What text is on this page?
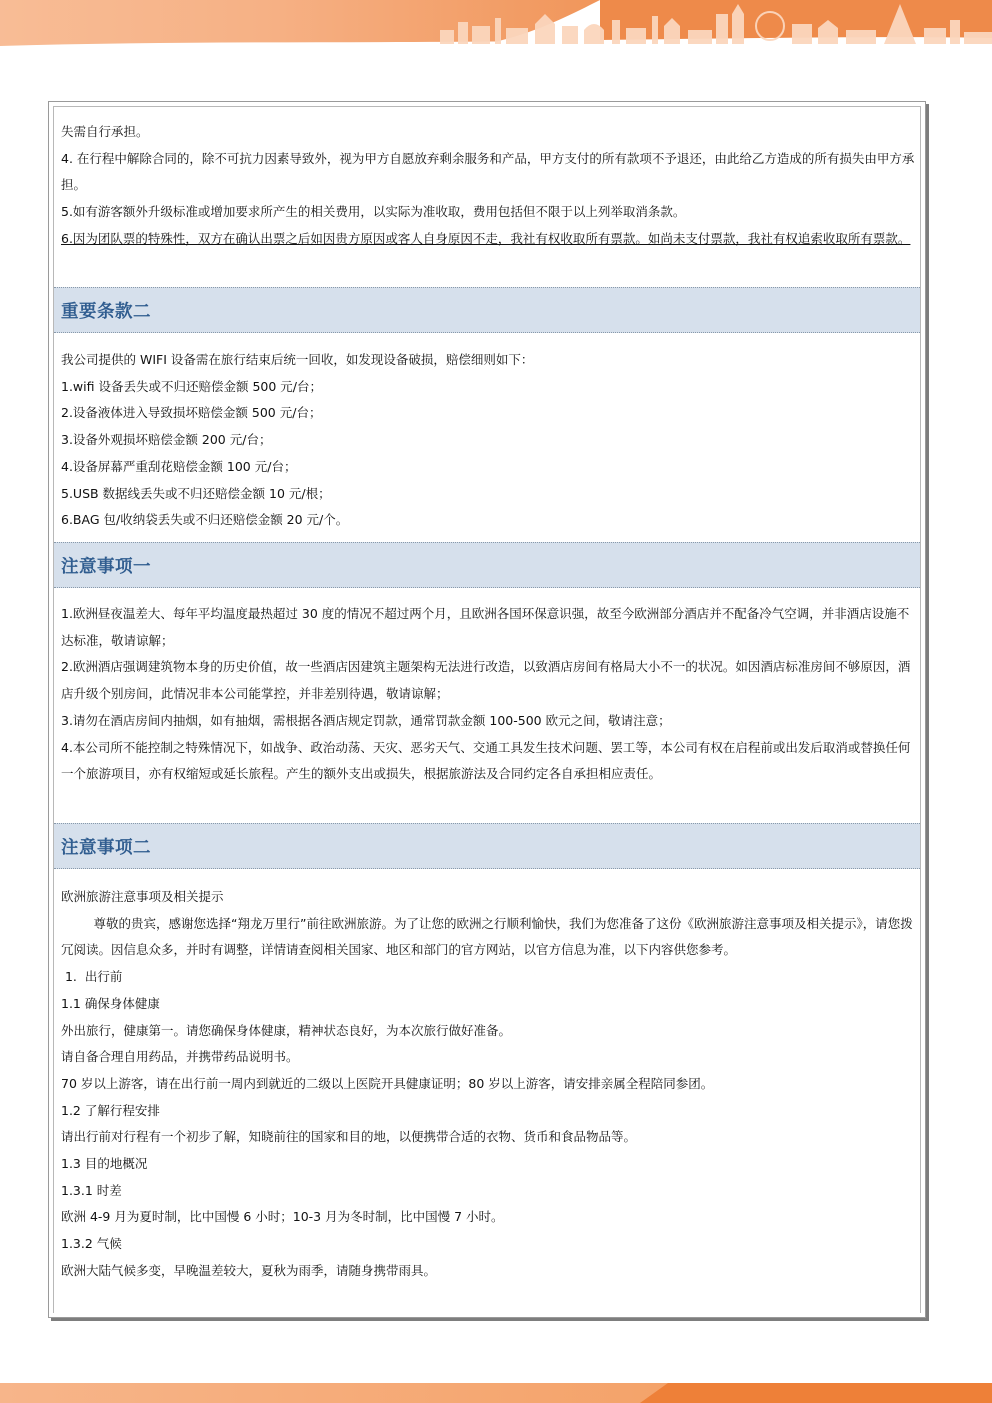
失需自行承担。

4. 在行程中解除合同的，除不可抗力因素导致外，视为甲方自愿放弃剩余服务和产品，甲方支付的所有款项不予退还，由此给乙方造成的所有损失由甲方承担。

5.如有游客额外升级标准或增加要求所产生的相关费用，以实际为准收取，费用包括但不限于以上列举取消条款。

6.因为团队票的特殊性，双方在确认出票之后如因贵方原因或客人自身原因不走，我社有权收取所有票款。如尚未支付票款，我社有权追索收取所有票款。

重要条款二

我公司提供的 WIFI 设备需在旅行结束后统一回收，如发现设备破损，赔偿细则如下：

1.wifi 设备丢失或不归还赔偿金额 500 元/台；

2.设备液体进入导致损坏赔偿金额 500 元/台；

3.设备外观损坏赔偿金额 200 元/台；

4.设备屏幕严重刮花赔偿金额 100 元/台；

5.USB 数据线丢失或不归还赔偿金额 10 元/根；

6.BAG 包/收纳袋丢失或不归还赔偿金额 20 元/个。

注意事项一

1.欧洲昼夜温差大、每年平均温度最热超过 30 度的情况不超过两个月，且欧洲各国环保意识强，故至今欧洲部分酒店并不配备冷气空调，并非酒店设施不达标准，敬请谅解；

2.欧洲酒店强调建筑物本身的历史价值，故一些酒店因建筑主题架构无法进行改造，以致酒店房间有格局大小不一的状况。如因酒店标准房间不够原因，酒店升级个别房间，此情况非本公司能掌控，并非差别待遇，敬请谅解；

3.请勿在酒店房间内抽烟，如有抽烟，需根据各酒店规定罚款，通常罚款金额 100-500 欧元之间，敬请注意；

4.本公司所不能控制之特殊情况下，如战争、政治动荡、天灾、恶劣天气、交通工具发生技术问题、罢工等，本公司有权在启程前或出发后取消或替换任何一个旅游项目，亦有权缩短或延长旅程。产生的额外支出或损失，根据旅游法及合同约定各自承担相应责任。

注意事项二

欧洲旅游注意事项及相关提示

尊敬的贵宾，感谢您选择“翔龙万里行”前往欧洲旅游。为了让您的欧洲之行顺利愉快，我们为您准备了这份《欧洲旅游注意事项及相关提示》，请您拨冗阅读。因信息众多，并时有调整，详情请查阅相关国家、地区和部门的官方网站，以官方信息为准，以下内容供您参考。

1.  出行前

1.1 确保身体健康

外出旅行，健康第一。请您确保身体健康，精神状态良好，为本次旅行做好准备。

请自备合理自用药品，并携带药品说明书。

70 岁以上游客，请在出行前一周内到就近的二级以上医院开具健康证明；80 岁以上游客，请安排亲属全程陪同参团。

1.2 了解行程安排

请出行前对行程有一个初步了解，知晓前往的国家和目的地，以便携带合适的衣物、货币和食品物品等。

1.3 目的地概况

1.3.1 时差

欧洲 4-9 月为夏时制，比中国慢 6 小时；10-3 月为冬时制，比中国慢 7 小时。

1.3.2 气候

欧洲大陆气候多变，早晚温差较大，夏秋为雨季，请随身携带雨具。
